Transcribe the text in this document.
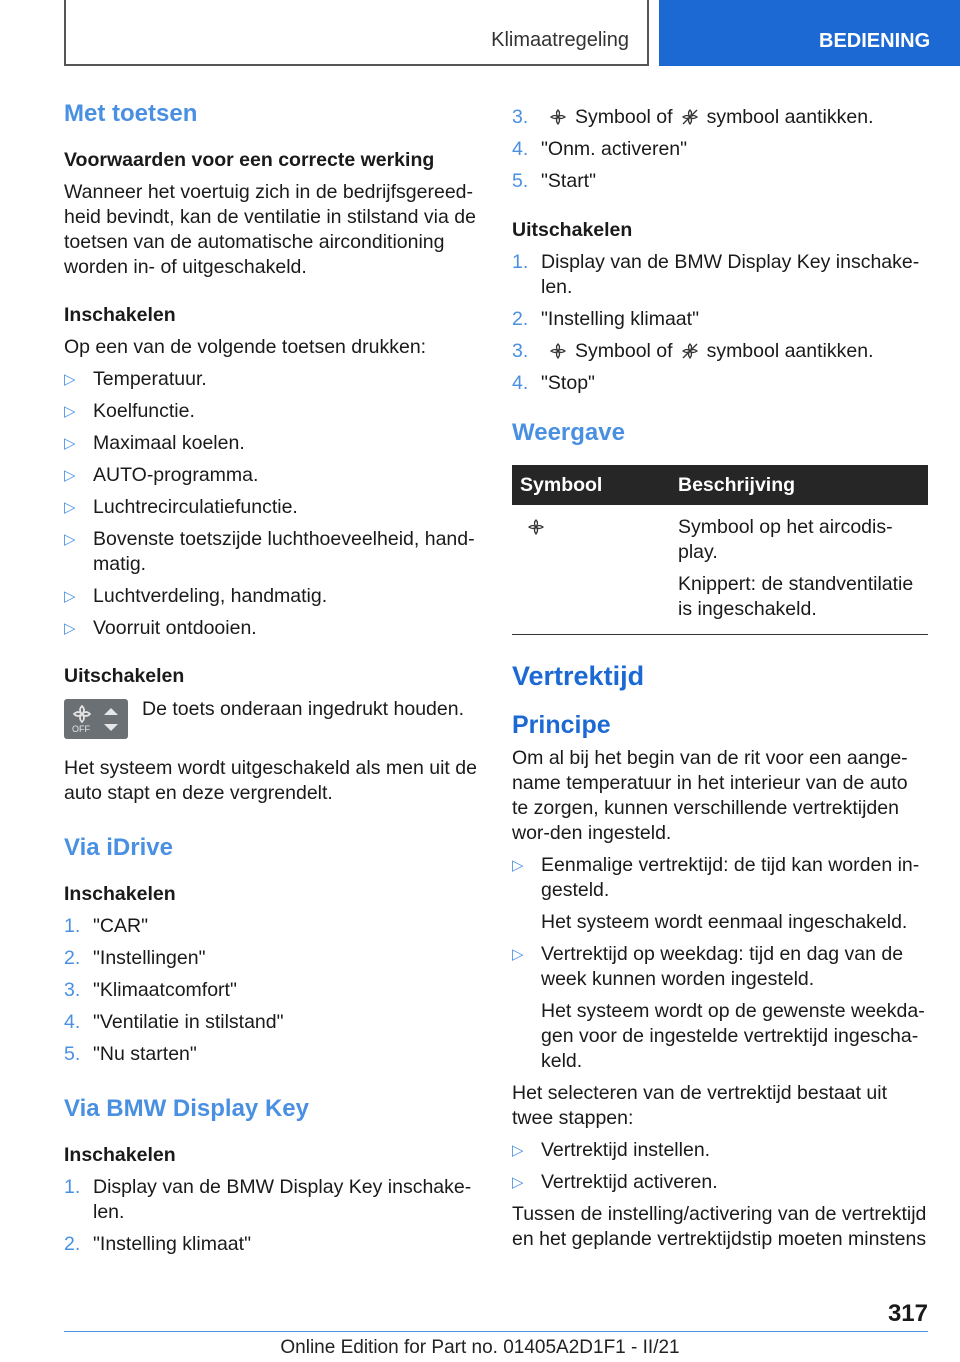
Klimaatregeling	BEDIENING
Met toetsen
Voorwaarden voor een correcte werking

Wanneer het voertuig zich in de bedrijfsgereed-heid bevindt, kan de ventilatie in stilstand via de toetsen van de automatische airconditioning worden in- of uitgeschakeld.

Inschakelen

Op een van de volgende toetsen drukken:

▷ Temperatuur.
▷ Koelfunctie.
▷ Maximaal koelen.
▷ AUTO-programma.
▷ Luchtrecirculatiefunctie.
▷ Bovenste toetszijde luchthoeveelheid, hand-matig.
▷ Luchtverdeling, handmatig.
▷ Voorruit ontdooien.
Uitschakelen
OFF

De toets onderaan ingedrukt houden.

Het systeem wordt uitgeschakeld als men uit de auto stapt en deze vergrendelt.

Via iDrive
Inschakelen
1. "CAR"
2. "Instellingen"
3. "Klimaatcomfort"
4. "Ventilatie in stilstand"
5. "Nu starten"
Via BMW Display Key
Inschakelen
1. Display van de BMW Display Key inschake-len.
2. "Instelling klimaat"
3. Symbool of symbool aantikken.
4. "Onm. activeren"
5. "Start"
Uitschakelen
1. Display van de BMW Display Key inschake-len.
2. "Instelling klimaat"
3. Symbool of symbool aantikken.
4. "Stop"
Weergave
Symbool	Beschrijving

Symbool op het aircodis-play.

Knippert: de standventilatie is ingeschakeld.

Vertrektijd
Principe

Om al bij het begin van de rit voor een aange-name temperatuur in het interieur van de auto te zorgen, kunnen verschillende vertrektijden wor-den ingesteld.

▷ Eenmalige vertrektijd: de tijd kan worden in-gesteld.

Het systeem wordt eenmaal ingeschakeld.

▷ Vertrektijd op weekdag: tijd en dag van de week kunnen worden ingesteld.

Het systeem wordt op de gewenste weekda-gen voor de ingestelde vertrektijd ingescha-keld.

Het selecteren van de vertrektijd bestaat uit twee stappen:

▷ Vertrektijd instellen.
▷ Vertrektijd activeren.

Tussen de instelling/activering van de vertrektijd en het geplande vertrektijdstip moeten minstens

317
Online Edition for Part no. 01405A2D1F1 - II/21
